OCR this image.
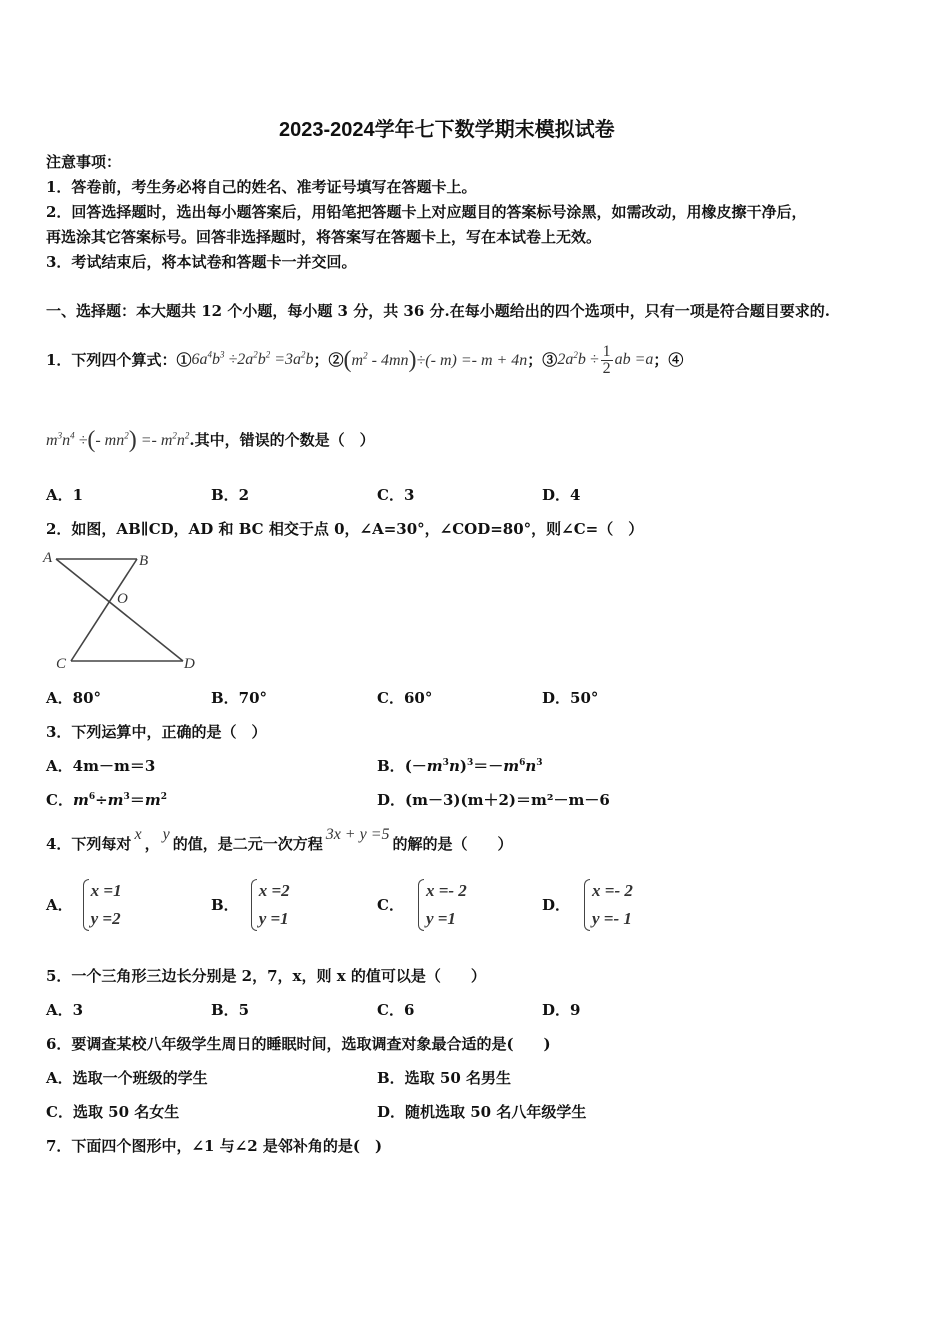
2023-2024学年七下数学期末模拟试卷
注意事项：
1．答卷前，考生务必将自己的姓名、准考证号填写在答题卡上。
2．回答选择题时，选出每小题答案后，用铅笔把答题卡上对应题目的答案标号涂黑，如需改动，用橡皮擦干净后，
再选涂其它答案标号。回答非选择题时，将答案写在答题卡上，写在本试卷上无效。
3．考试结束后，将本试卷和答题卡一并交回。
一、选择题：本大题共 12 个小题，每小题 3 分，共 36 分.在每小题给出的四个选项中，只有一项是符合题目要求的.
1．下列四个算式：① $6a^4b^3 \div 2a^2b^2 =3a^2b$ ；② $(m^2 - 4mn)\div(-$ m) =- m + 4n ；③ $2a^2b \div \frac{1}{2}$ ab =a ；④
$m^3n^4$ ÷(- $mn^2) =- m^2n^2$ .其中，错误的个数是（　）
A．1	B．2	C．3	D．4
2．如图，AB∥CD，AD 和 BC 相交于点 0，∠A=30°，∠COD=80°，则∠C=（　）
A	B
O
C	D
A．80°	B．70°	C．60°	D．50°
3．下列运算中，正确的是（　）
A．4m－m＝3	B．$(-m^3n)^3=-m^6n^3$
C．$m^6\div m^3=m^2$	D．(m－3)(m＋2)＝m²－m－6
4．下列每对
x
，
y
的值，是二元一次方程
3x + y =5
的解的是（　　）
A．
x =1
y =2
B．
x =2
y =1
C．
x =- 2
y =1
D．
x =- 2
y =- 1
5．一个三角形三边长分别是 2，7，x，则 x 的值可以是（　　）
A．3	B．5	C．6	D．9
6．要调查某校八年级学生周日的睡眠时间，选取调查对象最合适的是(　　)
A．选取一个班级的学生	B．选取 50 名男生
C．选取 50 名女生	D．随机选取 50 名八年级学生
7．下面四个图形中，∠1 与∠2 是邻补角的是(　)
